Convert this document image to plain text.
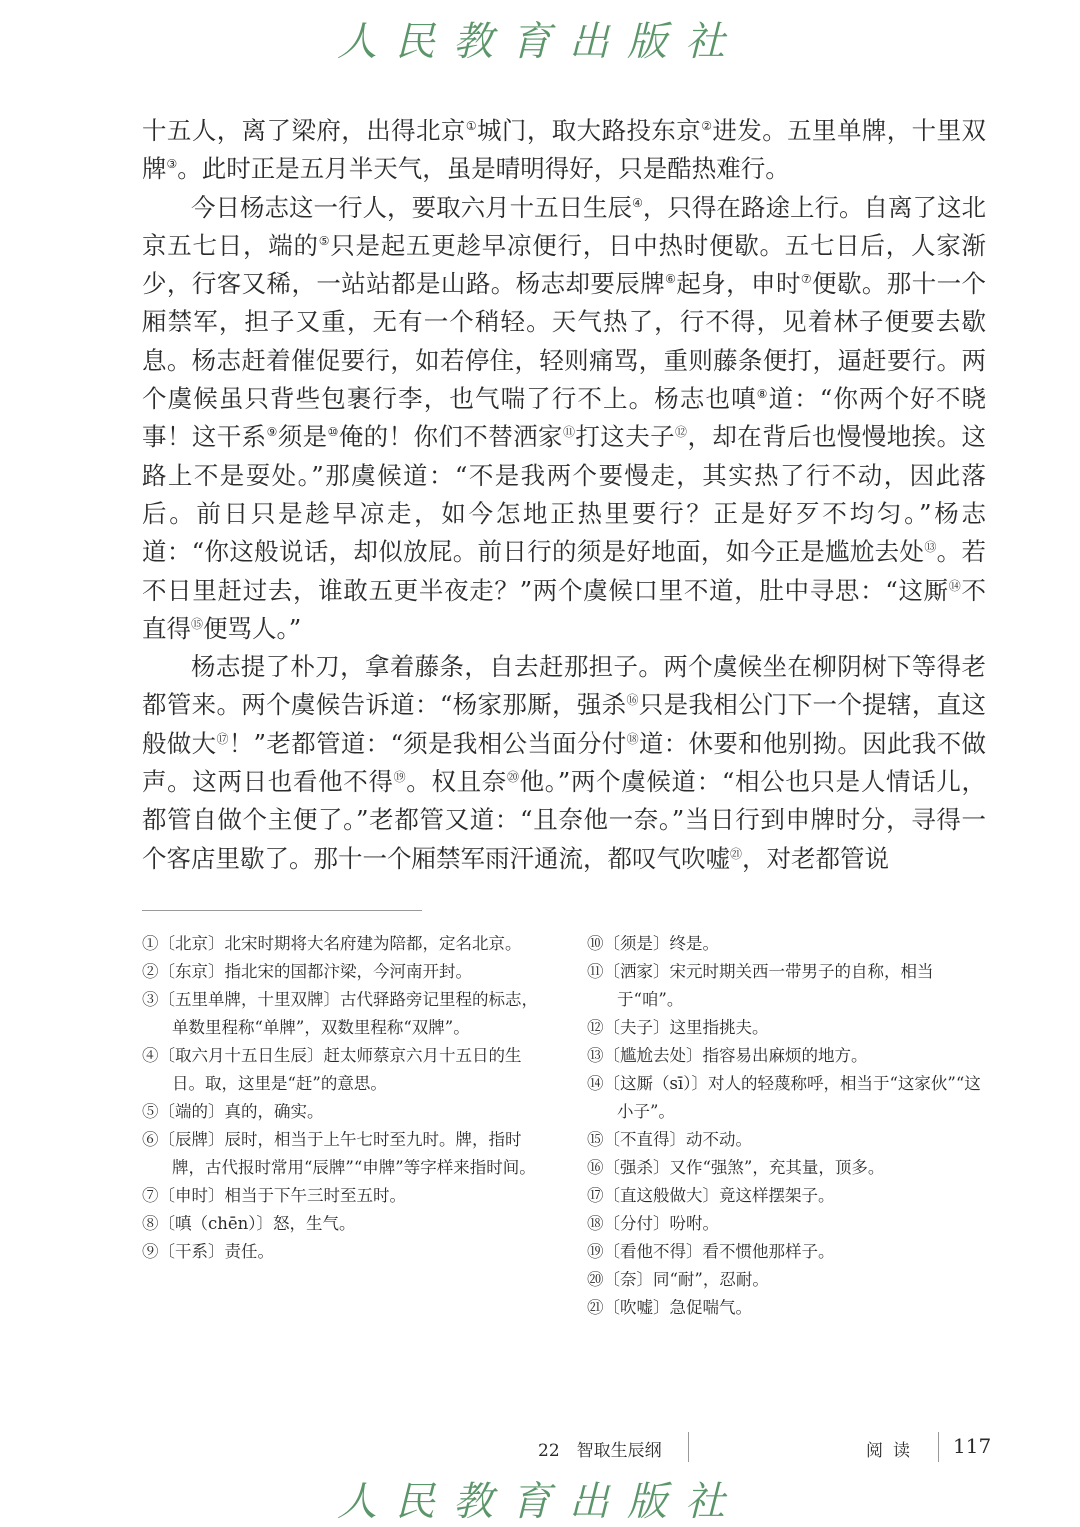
人民教育出版社

十五人，离了梁府，出得北京①城门，取大路投东京②进发。五里单牌，十里双牌③。此时正是五月半天气，虽是晴明得好，只是酷热难行。

今日杨志这一行人，要取六月十五日生辰④，只得在路途上行。自离了这北京五七日，端的⑤只是起五更趁早凉便行，日中热时便歇。五七日后，人家渐少，行客又稀，一站站都是山路。杨志却要辰牌⑥起身，申时⑦便歇。那十一个厢禁军，担子又重，无有一个稍轻。天气热了，行不得，见着林子便要去歇息。杨志赶着催促要行，如若停住，轻则痛骂，重则藤条便打，逼赶要行。两个虞候虽只背些包裹行李，也气喘了行不上。杨志也嗔⑧道：“你两个好不晓事！这干系⑨须是⑩俺的！你们不替洒家⑪打这夫子⑫，却在背后也慢慢地挨。这路上不是耍处。”那虞候道：“不是我两个要慢走，其实热了行不动，因此落后。前日只是趁早凉走，如今怎地正热里要行？正是好歹不均匀。”杨志道：“你这般说话，却似放屁。前日行的须是好地面，如今正是尴尬去处⑬。若不日里赶过去，谁敢五更半夜走？”两个虞候口里不道，肚中寻思：“这厮⑭不直得⑮便骂人。”

杨志提了朴刀，拿着藤条，自去赶那担子。两个虞候坐在柳阴树下等得老都管来。两个虞候告诉道：“杨家那厮，强杀⑯只是我相公门下一个提辖，直这般做大⑰！”老都管道：“须是我相公当面分付⑱道：休要和他别拗。因此我不做声。这两日也看他不得⑲。权且奈⑳他。”两个虞候道：“相公也只是人情话儿，都管自做个主便了。”老都管又道：“且奈他一奈。”当日行到申牌时分，寻得一个客店里歇了。那十一个厢禁军雨汗通流，都叹气吹嘘$^㉑$，对老都管说

①〔北京〕北宋时期将大名府建为陪都，定名北京。

②〔东京〕指北宋的国都汴梁，今河南开封。

③〔五里单牌，十里双牌〕古代驿路旁记里程的标志，单数里程称“单牌”，双数里程称“双牌”。

④〔取六月十五日生辰〕赶太师蔡京六月十五日的生日。取，这里是“赶”的意思。

⑤〔端的〕真的，确实。

⑥〔辰牌〕辰时，相当于上午七时至九时。牌，指时牌，古代报时常用“辰牌”“申牌”等字样来指时间。

⑦〔申时〕相当于下午三时至五时。

⑧〔嗔（chēn）〕怒，生气。

⑨〔干系〕责任。

⑩〔须是〕终是。

⑪〔洒家〕宋元时期关西一带男子的自称，相当于“咱”。

⑫〔夫子〕这里指挑夫。

⑬〔尴尬去处〕指容易出麻烦的地方。

⑭〔这厮（sī）〕对人的轻蔑称呼，相当于“这家伙”“这小子”。

⑮〔不直得〕动不动。

⑯〔强杀〕又作“强煞”，充其量，顶多。

⑰〔直这般做大〕竟这样摆架子。

⑱〔分付〕吩咐。

⑲〔看他不得〕看不惯他那样子。

⑳〔奈〕同“耐”，忍耐。

㉑〔吹嘘〕急促喘气。

22　智取生辰纲	阅读 117
人民教育出版社
